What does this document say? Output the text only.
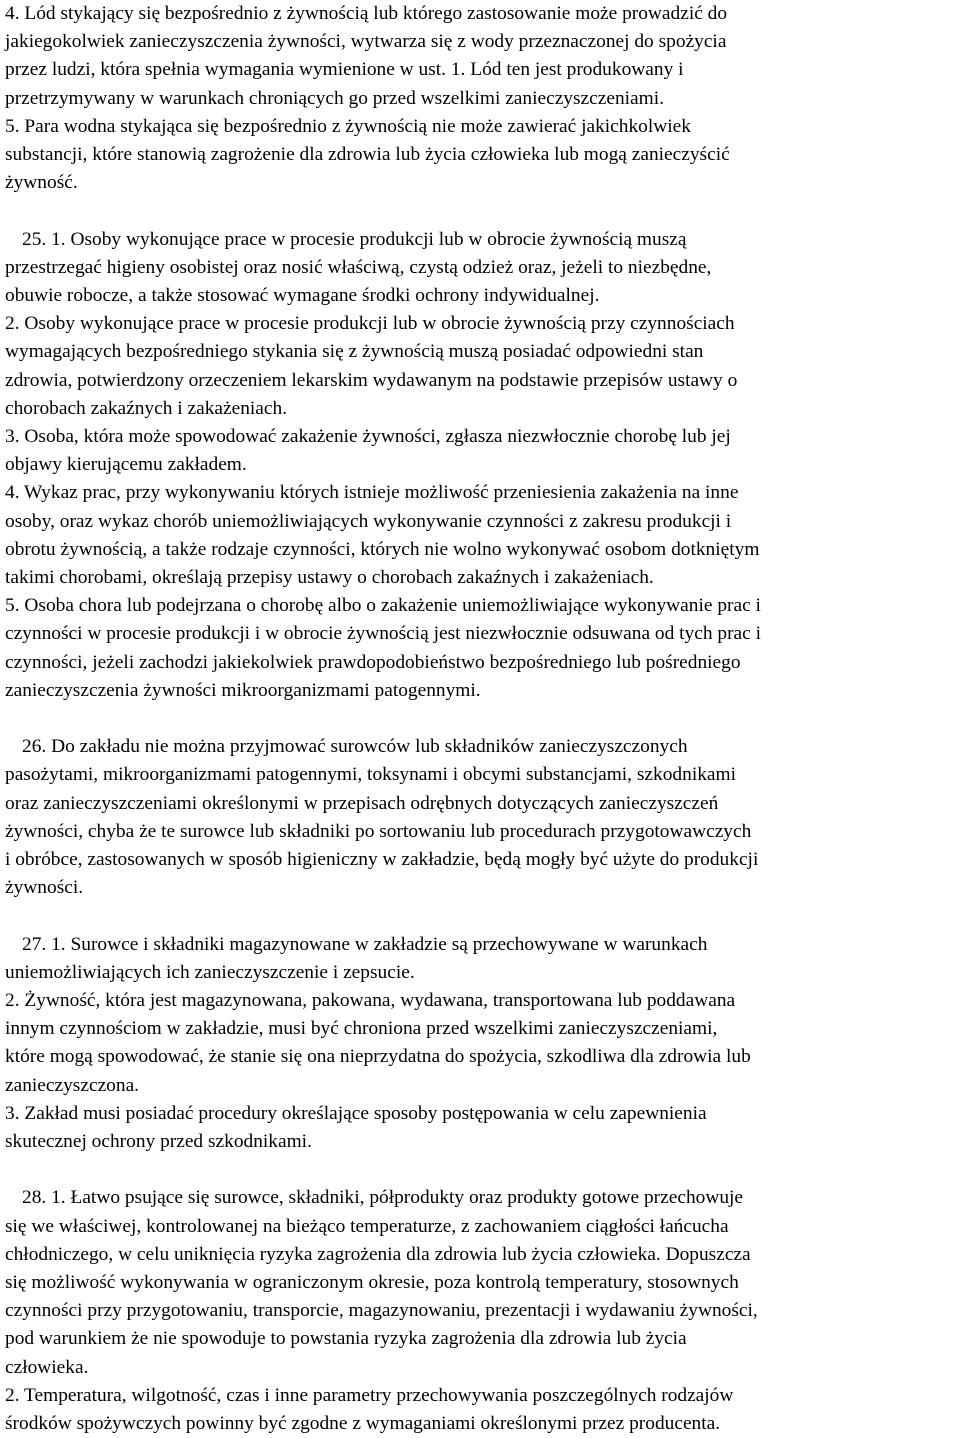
4. Lód stykający się bezpośrednio z żywnością lub którego zastosowanie może prowadzić do
jakiegokolwiek zanieczyszczenia żywności, wytwarza się z wody przeznaczonej do spożycia
przez ludzi, która spełnia wymagania wymienione w ust. 1. Lód ten jest produkowany i
przetrzymywany w warunkach chroniących go przed wszelkimi zanieczyszczeniami.
5. Para wodna stykająca się bezpośrednio z żywnością nie może zawierać jakichkolwiek
substancji, które stanowią zagrożenie dla zdrowia lub życia człowieka lub mogą zanieczyścić
żywność.
25. 1. Osoby wykonujące prace w procesie produkcji lub w obrocie żywnością muszą
przestrzegać higieny osobistej oraz nosić właściwą, czystą odzież oraz, jeżeli to niezbędne,
obuwie robocze, a także stosować wymagane środki ochrony indywidualnej.
2. Osoby wykonujące prace w procesie produkcji lub w obrocie żywnością przy czynnościach
wymagających bezpośredniego stykania się z żywnością muszą posiadać odpowiedni stan
zdrowia, potwierdzony orzeczeniem lekarskim wydawanym na podstawie przepisów ustawy o
chorobach zakaźnych i zakażeniach.
3. Osoba, która może spowodować zakażenie żywności, zgłasza niezwłocznie chorobę lub jej
objawy kierującemu zakładem.
4. Wykaz prac, przy wykonywaniu których istnieje możliwość przeniesienia zakażenia na inne
osoby, oraz wykaz chorób uniemożliwiających wykonywanie czynności z zakresu produkcji i
obrotu żywnością, a także rodzaje czynności, których nie wolno wykonywać osobom dotkniętym
takimi chorobami, określają przepisy ustawy o chorobach zakaźnych i zakażeniach.
5. Osoba chora lub podejrzana o chorobę albo o zakażenie uniemożliwiające wykonywanie prac i
czynności w procesie produkcji i w obrocie żywnością jest niezwłocznie odsuwana od tych prac i
czynności, jeżeli zachodzi jakiekolwiek prawdopodobieństwo bezpośredniego lub pośredniego
zanieczyszczenia żywności mikroorganizmami patogennymi.
26. Do zakładu nie można przyjmować surowców lub składników zanieczyszczonych
pasożytami, mikroorganizmami patogennymi, toksynami i obcymi substancjami, szkodnikami
oraz zanieczyszczeniami określonymi w przepisach odrębnych dotyczących zanieczyszczeń
żywności, chyba że te surowce lub składniki po sortowaniu lub procedurach przygotowawczych
i obróbce, zastosowanych w sposób higieniczny w zakładzie, będą mogły być użyte do produkcji
żywności.
27. 1. Surowce i składniki magazynowane w zakładzie są przechowywane w warunkach
uniemożliwiających ich zanieczyszczenie i zepsucie.
2. Żywność, która jest magazynowana, pakowana, wydawana, transportowana lub poddawana
innym czynnościom w zakładzie, musi być chroniona przed wszelkimi zanieczyszczeniami,
które mogą spowodować, że stanie się ona nieprzydatna do spożycia, szkodliwa dla zdrowia lub
zanieczyszczona.
3. Zakład musi posiadać procedury określające sposoby postępowania w celu zapewnienia
skutecznej ochrony przed szkodnikami.
28. 1. Łatwo psujące się surowce, składniki, półprodukty oraz produkty gotowe przechowuje
się we właściwej, kontrolowanej na bieżąco temperaturze, z zachowaniem ciągłości łańcucha
chłodniczego, w celu uniknięcia ryzyka zagrożenia dla zdrowia lub życia człowieka. Dopuszcza
się możliwość wykonywania w ograniczonym okresie, poza kontrolą temperatury, stosownych
czynności przy przygotowaniu, transporcie, magazynowaniu, prezentacji i wydawaniu żywności,
pod warunkiem że nie spowoduje to powstania ryzyka zagrożenia dla zdrowia lub życia
człowieka.
2. Temperatura, wilgotność, czas i inne parametry przechowywania poszczególnych rodzajów
środków spożywczych powinny być zgodne z wymaganiami określonymi przez producenta.
